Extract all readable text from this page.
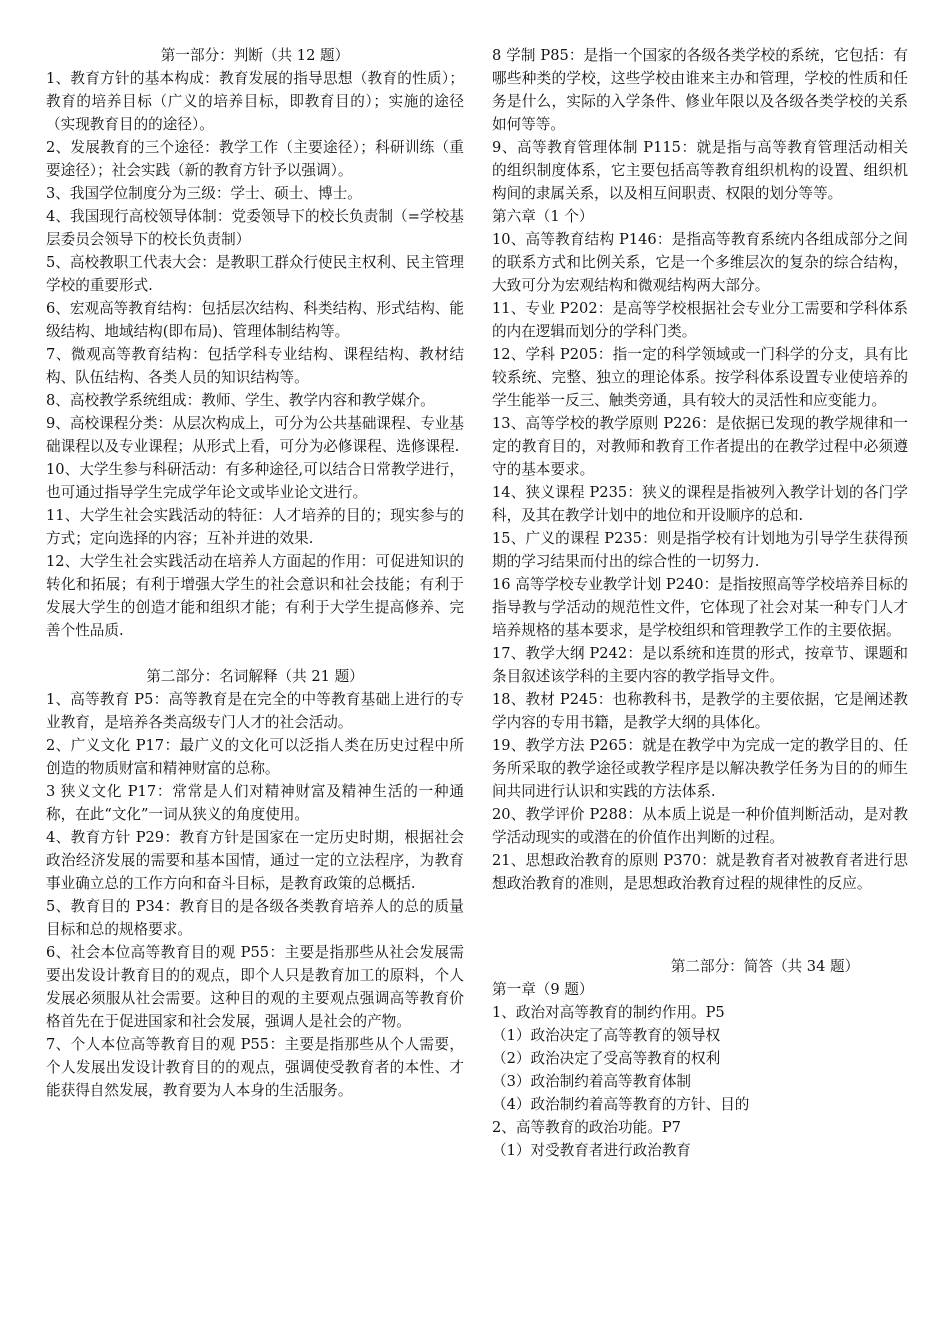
第一部分：判断（共 12 题）

1、教育方针的基本构成：教育发展的指导思想（教育的性质）；教育的培养目标（广义的培养目标，即教育目的）；实施的途径（实现教育目的的途径）。

2、发展教育的三个途径：教学工作（主要途径）；科研训练（重要途径）；社会实践（新的教育方针予以强调）。

3、我国学位制度分为三级：学士、硕士、博士。

4、我国现行高校领导体制：党委领导下的校长负责制（=学校基层委员会领导下的校长负责制）

5、高校教职工代表大会：是教职工群众行使民主权利、民主管理学校的重要形式.

6、宏观高等教育结构：包括层次结构、科类结构、形式结构、能级结构、地域结构(即布局)、管理体制结构等。

7、微观高等教育结构：包括学科专业结构、课程结构、教材结构、队伍结构、各类人员的知识结构等。

8、高校教学系统组成：教师、学生、教学内容和教学媒介。

9、高校课程分类：从层次构成上，可分为公共基础课程、专业基础课程以及专业课程；从形式上看，可分为必修课程、选修课程.

10、大学生参与科研活动：有多种途径,可以结合日常教学进行，也可通过指导学生完成学年论文或毕业论文进行。

11、大学生社会实践活动的特征：人才培养的目的；现实参与的方式；定向选择的内容；互补并进的效果.

12、大学生社会实践活动在培养人方面起的作用：可促进知识的转化和拓展；有利于增强大学生的社会意识和社会技能；有利于发展大学生的创造才能和组织才能；有利于大学生提高修养、完善个性品质.

第二部分：名词解释（共 21 题）

1、高等教育 P5：高等教育是在完全的中等教育基础上进行的专业教育，是培养各类高级专门人才的社会活动。

2、广义文化 P17：最广义的文化可以泛指人类在历史过程中所创造的物质财富和精神财富的总称。

3 狭义文化 P17：常常是人们对精神财富及精神生活的一种通称，在此“文化”一词从狭义的角度使用。

4、教育方针 P29：教育方针是国家在一定历史时期，根据社会政治经济发展的需要和基本国情，通过一定的立法程序，为教育事业确立总的工作方向和奋斗目标，是教育政策的总概括.

5、教育目的 P34：教育目的是各级各类教育培养人的总的质量目标和总的规格要求。

6、社会本位高等教育目的观 P55：主要是指那些从社会发展需要出发设计教育目的的观点，即个人只是教育加工的原料，个人发展必须服从社会需要。这种目的观的主要观点强调高等教育价格首先在于促进国家和社会发展，强调人是社会的产物。

7、个人本位高等教育目的观 P55：主要是指那些从个人需要，个人发展出发设计教育目的的观点，强调使受教育者的本性、才能获得自然发展，教育要为人本身的生活服务。

8 学制 P85：是指一个国家的各级各类学校的系统，它包括：有哪些种类的学校，这些学校由谁来主办和管理，学校的性质和任务是什么，实际的入学条件、修业年限以及各级各类学校的关系如何等等。

9、高等教育管理体制 P115：就是指与高等教育管理活动相关的组织制度体系，它主要包括高等教育组织机构的设置、组织机构间的隶属关系，以及相互间职责、权限的划分等等。

第六章（1 个）

10、高等教育结构 P146：是指高等教育系统内各组成部分之间的联系方式和比例关系，它是一个多维层次的复杂的综合结构，大致可分为宏观结构和微观结构两大部分。

11、专业 P202：是高等学校根据社会专业分工需要和学科体系的内在逻辑而划分的学科门类。

12、学科 P205：指一定的科学领域或一门科学的分支，具有比较系统、完整、独立的理论体系。按学科体系设置专业使培养的学生能举一反三、触类旁通，具有较大的灵活性和应变能力。

13、高等学校的教学原则 P226：是依据已发现的教学规律和一定的教育目的，对教师和教育工作者提出的在教学过程中必须遵守的基本要求。

14、狭义课程 P235：狭义的课程是指被列入教学计划的各门学科，及其在教学计划中的地位和开设顺序的总和.

15、广义的课程 P235：则是指学校有计划地为引导学生获得预期的学习结果而付出的综合性的一切努力.

16 高等学校专业教学计划 P240：是指按照高等学校培养目标的指导教与学活动的规范性文件，它体现了社会对某一种专门人才培养规格的基本要求，是学校组织和管理教学工作的主要依据。

17、教学大纲 P242：是以系统和连贯的形式，按章节、课题和条目叙述该学科的主要内容的教学指导文件。

18、教材 P245：也称教科书，是教学的主要依据，它是阐述教学内容的专用书籍，是教学大纲的具体化。

19、教学方法 P265：就是在教学中为完成一定的教学目的、任务所采取的教学途径或教学程序是以解决教学任务为目的的师生间共同进行认识和实践的方法体系.

20、教学评价 P288：从本质上说是一种价值判断活动，是对教学活动现实的或潜在的价值作出判断的过程。

21、思想政治教育的原则 P370：就是教育者对被教育者进行思想政治教育的准则，是思想政治教育过程的规律性的反应。

第二部分：简答（共 34 题）

第一章（9 题）

1、政治对高等教育的制约作用。P5

（1）政治决定了高等教育的领导权

（2）政治决定了受高等教育的权利

（3）政治制约着高等教育体制

（4）政治制约着高等教育的方针、目的

2、高等教育的政治功能。P7

（1）对受教育者进行政治教育
